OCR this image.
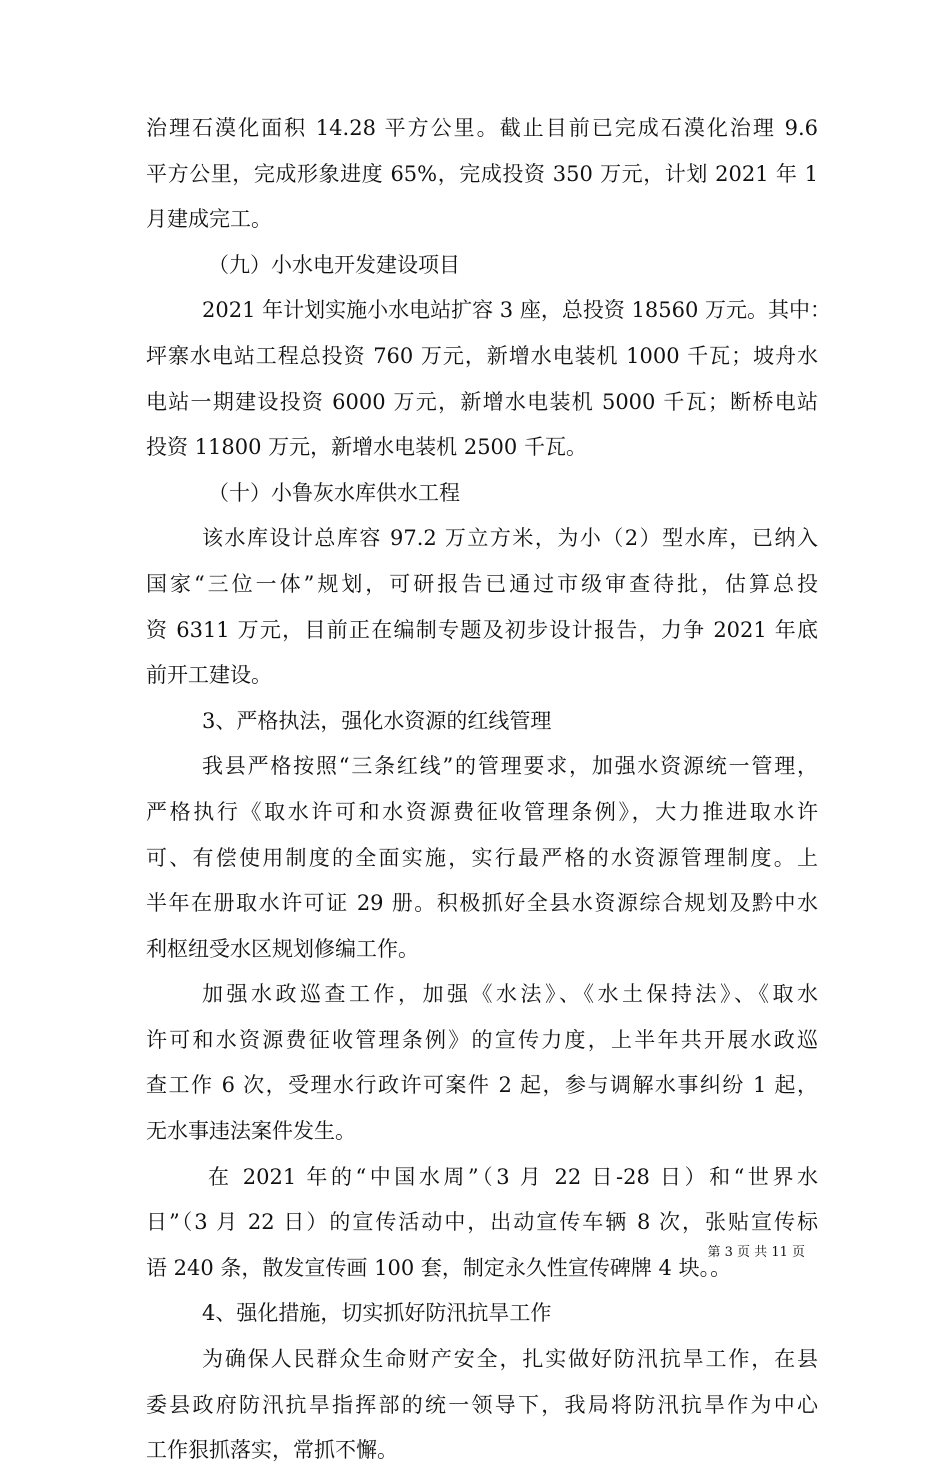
治理石漠化面积 14.28 平方公里。截止目前已完成石漠化治理 9.6
平方公里，完成形象进度 65%，完成投资 350 万元，计划 2021 年 1
月建成完工。
（九）小水电开发建设项目
2021 年计划实施小水电站扩容 3 座，总投资 18560 万元。其中：
坪寨水电站工程总投资 760 万元，新增水电装机 1000 千瓦；坡舟水
电站一期建设投资 6000 万元，新增水电装机 5000 千瓦；断桥电站
投资 11800 万元，新增水电装机 2500 千瓦。
（十）小鲁灰水库供水工程
该水库设计总库容 97.2 万立方米，为小（2）型水库，已纳入
国家“三位一体”规划，可研报告已通过市级审查待批，估算总投
资 6311 万元，目前正在编制专题及初步设计报告，力争 2021 年底
前开工建设。
3、严格执法，强化水资源的红线管理
我县严格按照“三条红线”的管理要求，加强水资源统一管理，
严格执行《取水许可和水资源费征收管理条例》，大力推进取水许
可、有偿使用制度的全面实施，实行最严格的水资源管理制度。上
半年在册取水许可证 29 册。积极抓好全县水资源综合规划及黔中水
利枢纽受水区规划修编工作。
加强水政巡查工作，加强《水法》、《水土保持法》、《取水
许可和水资源费征收管理条例》的宣传力度，上半年共开展水政巡
查工作 6 次，受理水行政许可案件 2 起，参与调解水事纠纷 1 起，
无水事违法案件发生。
在 2021 年的“中国水周”（3 月 22 日-28 日）和“世界水
日”（3 月 22 日）的宣传活动中，出动宣传车辆 8 次，张贴宣传标
语 240 条，散发宣传画 100 套，制定永久性宣传碑牌 4 块。。
4、强化措施，切实抓好防汛抗旱工作
为确保人民群众生命财产安全，扎实做好防汛抗旱工作，在县
委县政府防汛抗旱指挥部的统一领导下，我局将防汛抗旱作为中心
工作狠抓落实，常抓不懈。
第 3 页 共 11 页
